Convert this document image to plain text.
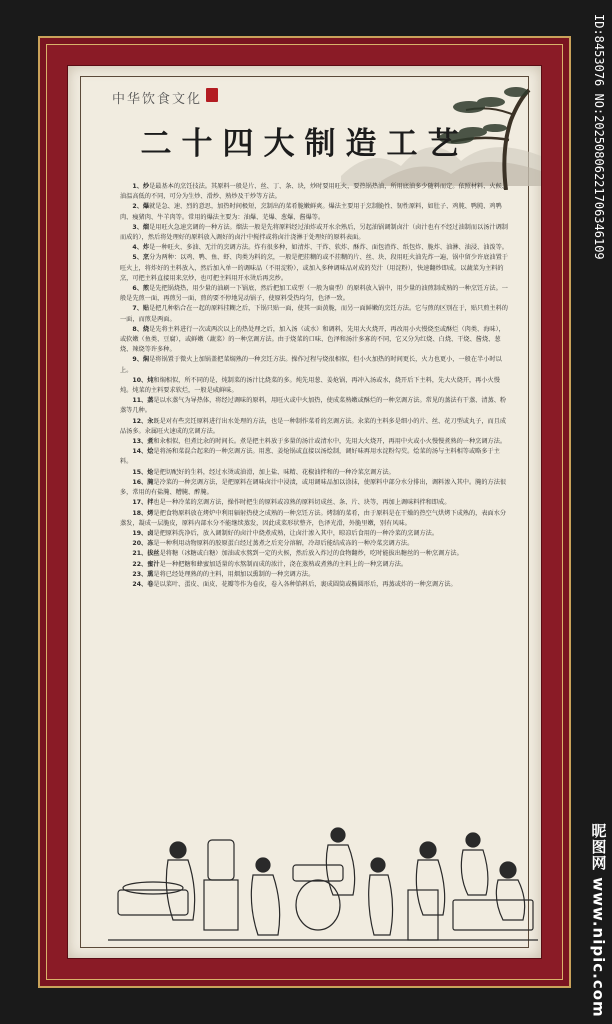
中华饮食文化
二十四大制造工艺

1、炒是最基本的烹饪技法。其原料一般是片、丝、丁、条、块，炒时要用旺火，要热锅热油，所用底油多少随料而定。依照材料、火候、油温高低的不同，可分为生炒、滑炒、熟炒及干炒等方法。

2、爆就是急、速、烈的意思，加热时间极短，烹制出的菜肴脆嫩鲜爽。爆法主要用于烹制脆性、韧性原料，如肚子、鸡肫、鸭肫、鸡鸭肉、瘦猪肉、牛羊肉等。常用的爆法主要为：油爆、芜爆、葱爆、酱爆等。

3、熘是用旺火急速烹调的一种方法。熘法一般是先将原料经过油炸或开水余熟后，另起油锅调制卤汁（卤汁也有不经过油制而以汤汁调制而成的），然后将处理好的原料放入调好的卤汁中搅拌或将卤汁浇淋于处理好的原料表面。

4、炸是一种旺火、多油、无汁的烹调方法。炸有很多种，如清炸、干炸、软炸、酥炸、面包渣炸、纸包炸、脆炸、油淋、油浸、油泼等。

5、烹分为两种：以鸡、鸭、鱼、虾、肉类为料的烹，一般是把挂糊的或不挂糊的片、丝、块、段用旺火油先炸一遍，锅中留少许底油置于旺火上，将炸好的主料放入，然后加入单一的调味品（不用淀粉），或加入多种调味品对成的芡汁（用淀粉），快速翻炒即成。以蔬菜为主料的烹，可把主料直接用来烹炒，也可把主料用开水烫后再烹炒。

6、煎是先把锅烧热，用少量的油刷一下锅底，然后把加工成型（一般为扁型）的原料放入锅中，用少量的油煎制成熟的一种烹饪方法。一般是先煎一面，再煎另一面，煎的要不停地晃动锅子，使原料受热均匀，色泽一致。

7、贴是把几种粘合在一起的原料挂糊之后，下锅只贴一面，使其一面黄脆，而另一面鲜嫩的烹饪方法。它与煎的区别在于，贴只煎主料的一面，而煎是两面。

8、烧是先将主料进行一次或两次以上的热处理之后，加入汤（或水）和调料，先用大火烧开，再改用小火慢烧至或酥烂（肉类、海味），或软嫩（鱼类、豆腐），或鲜嫩（蔬菜）的一种烹调方法。由于烧菜的口味、色泽和汤汁多寡的不同，它又分为红烧、白烧、干烧、酱烧、葱烧、辣烧等许多种。

9、焖是将锅置于微火上加锅盖把菜焖熟的一种烹饪方法。操作过程与烧很相似，但小火加热的时间更长，火力也更小，一般在半小时以上。

10、炖和焖相似，所不同的是，炖制菜的汤汁比烧菜的多。炖先用葱、姜炝锅，再冲入汤或水，烧开后下主料，先大火烧开，再小火慢炖。炖菜的主料要求软烂，一般是咸鲜味。

11、蒸是以水蒸气为导热体，将经过调味的原料，用旺火或中火加热，使成菜熟嫩或酥烂的一种烹调方法。常见的蒸法有干蒸、清蒸、粉蒸等几种。

12、汆既是对有些烹饪原料进行出水处理的方法，也是一种制作菜肴的烹调方法。汆菜的主料多是细小的片、丝、花刀型或丸子，而且成品汤多。汆属旺火速成的烹调方法。

13、煮和汆相似，但煮比汆的时间长。煮是把主料放于多量的汤汁或清水中，先用大火烧开，再用中火或小火慢慢煮熟的一种烹调方法。

14、烩是将汤和菜混合起来的一种烹调方法。用葱、姜炝锅或直接以汤烩制，调好味再用水淀粉勾芡。烩菜的汤与主料相等或略多于主料。

15、炝是把切配好的生料，经过水烫或油滑，加上盐、味精、花椒油拌和的一种冷菜烹调方法。

16、腌是冷菜的一种烹调方法，是把原料在调味卤汁中浸渍，或用调味品加以涂抹，使原料中部分水分排出，调料渗入其中。腌的方法很多，常用的有盐腌、糟腌、醉腌。

17、拌也是一种冷菜的烹调方法，操作时把生的原料或凉熟的原料切成丝、条、片、块等，再加上调味料拌和即成。

18、烤是把食物原料放在烤炉中利用辐射热使之成熟的一种烹饪方法。烤制的菜肴，由于原料是在干燥的热空气烘烤下成熟的，表面水分蒸发，凝成一层脆皮，原料内部水分不能继续蒸发，因此成菜形状整齐，色泽光滑，外脆里嫩，别有风味。

19、卤是把原料洗净后，放入调制好的卤汁中烧煮成熟，让卤汁渗入其中，晾凉后食用的一种冷菜的烹调方法。

20、冻是一种利用动物原料的胶原蛋白经过蒸煮之后充分溶解，冷却后能结成冻的一种冷菜烹调方法。

21、拔丝是将糖（冰糖或白糖）加油或水熬到一定的火候，然后放入炸过的食物翻炒，吃时能拔出糖丝的一种烹调方法。

22、蜜汁是一种把糖和蜂蜜加适量的水熬制而成的浓汁，浇在蒸熟或煮熟的主料上的一种烹调方法。

23、熏是将已经处理熟的的主料，用烟加以熏制的一种烹调方法。

24、卷是以菜叶、蛋皮、面皮、花瓣等作为卷皮，卷入各种馅料后，裹成圆筒或椭圆形后，再蒸或炸的一种烹调方法。

ID:8453076 NO:20250806221706346109
昵图网 www.nipic.com
